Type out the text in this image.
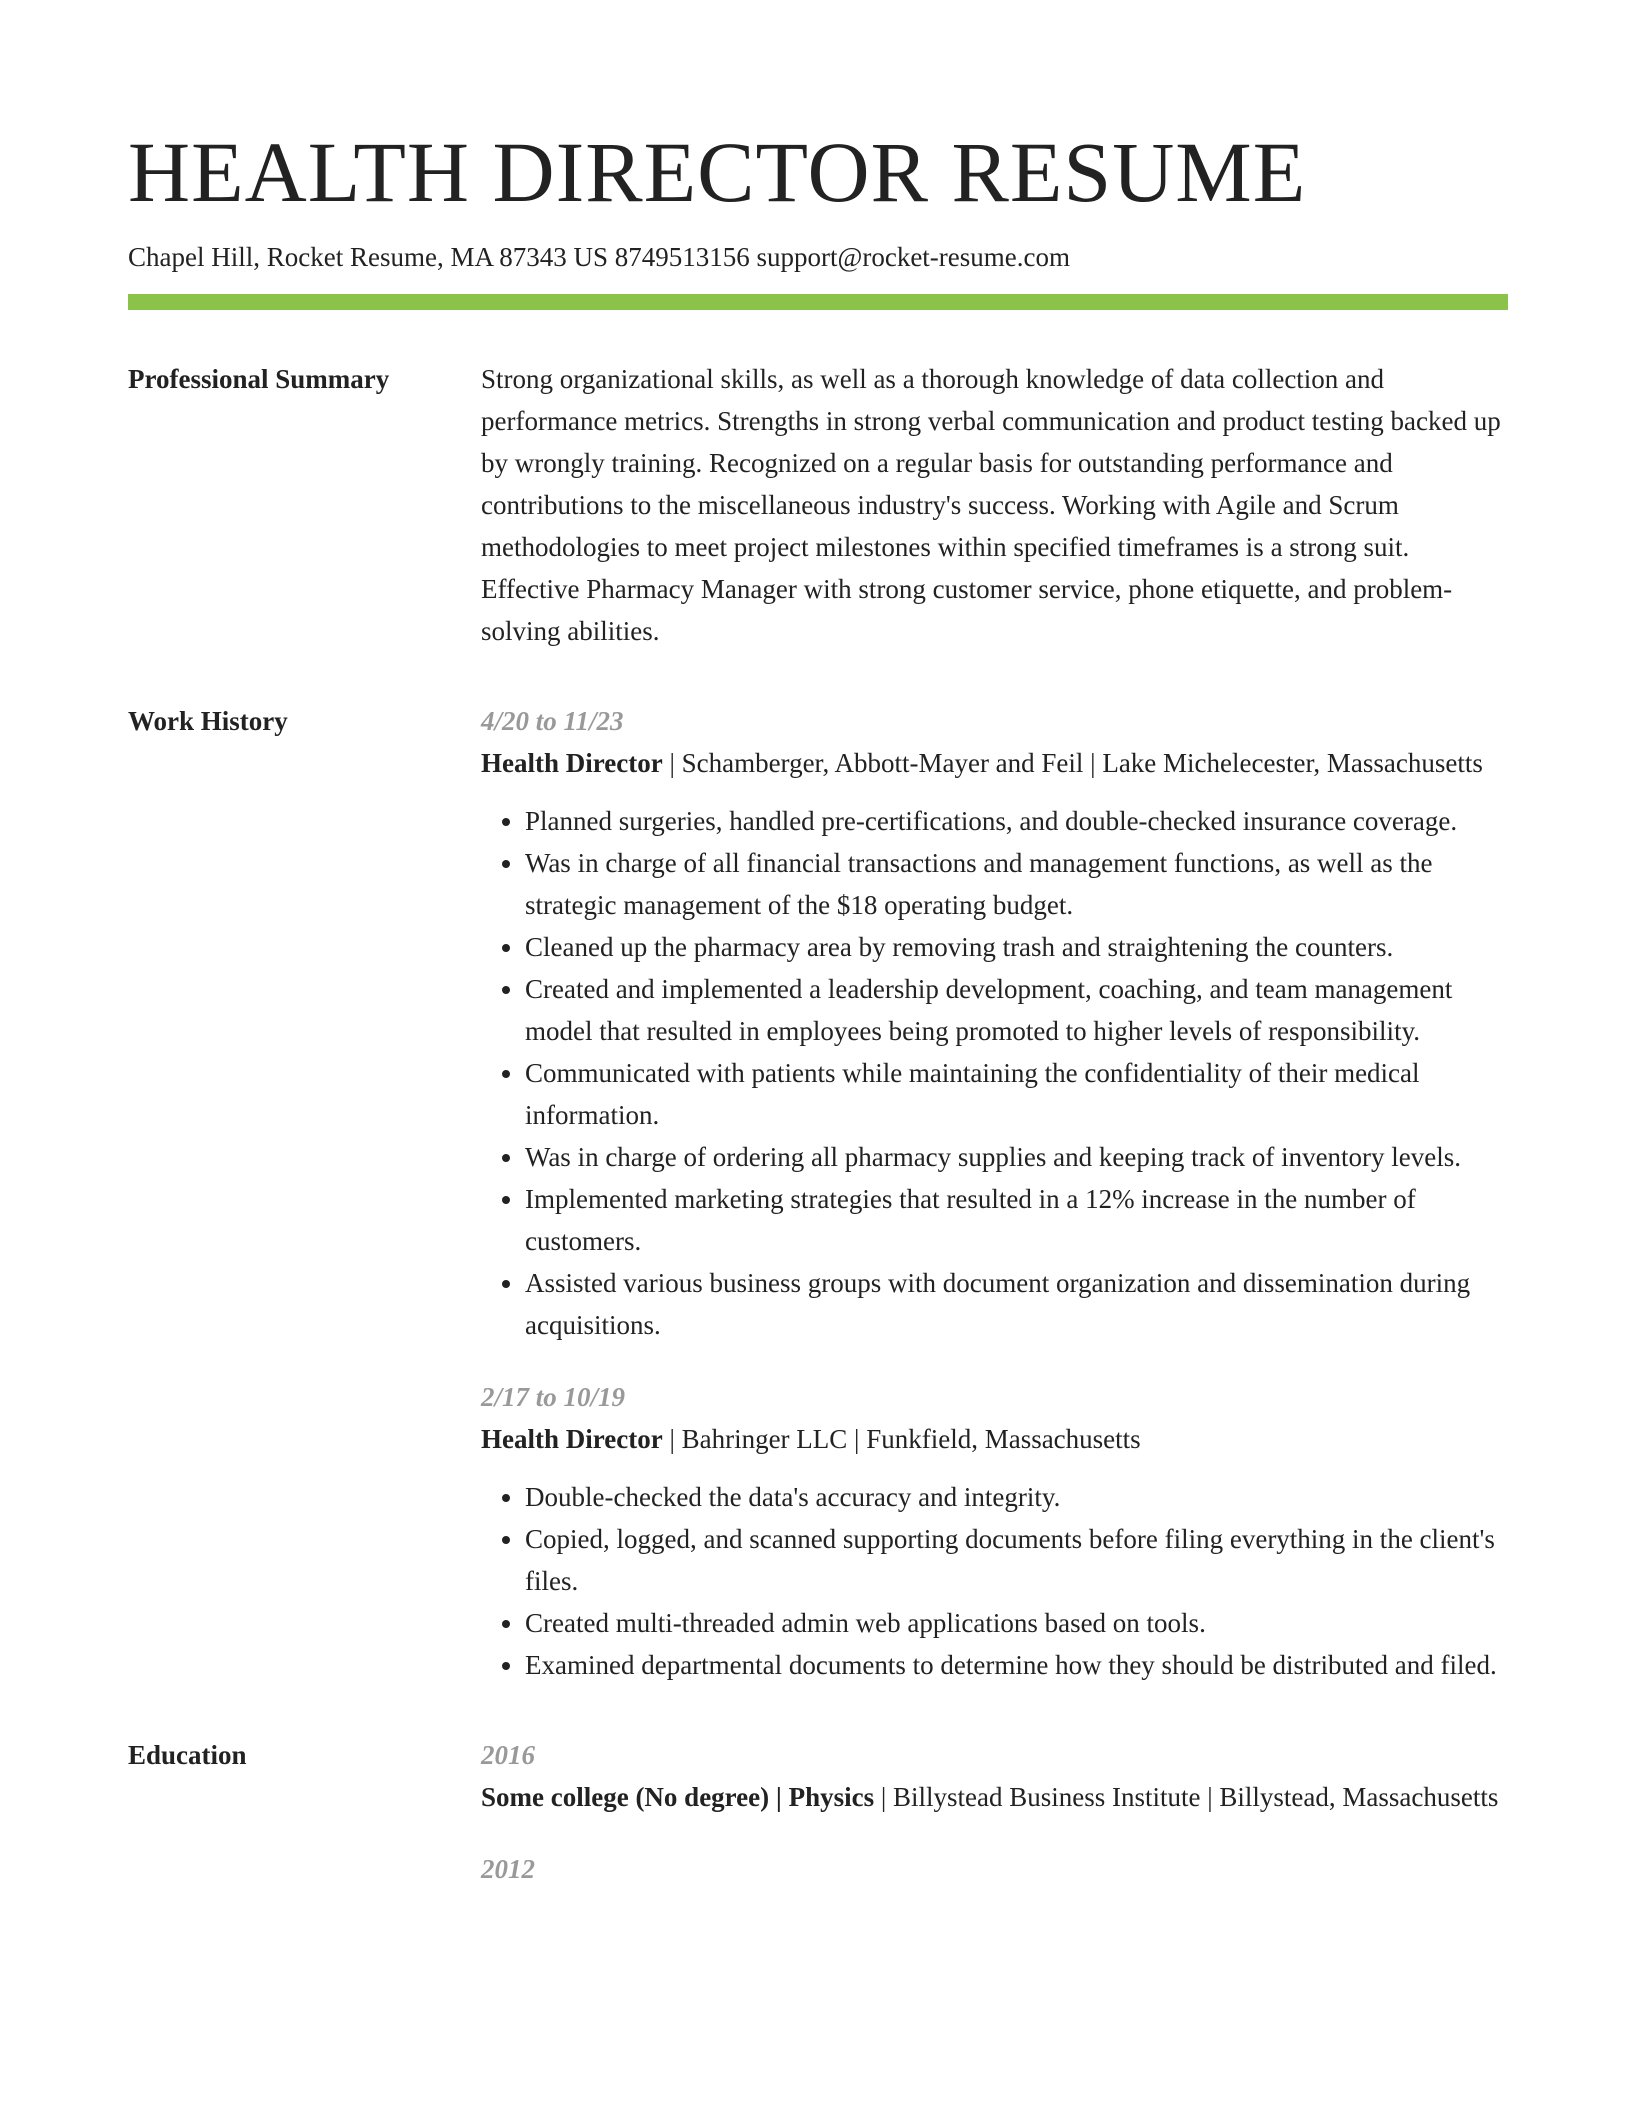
HEALTH DIRECTOR RESUME
Chapel Hill, Rocket Resume, MA 87343 US 8749513156 support@rocket-resume.com
Professional Summary	Strong organizational skills, as well as a thorough knowledge of data collection and performance metrics. Strengths in strong verbal communication and product testing backed up by wrongly training. Recognized on a regular basis for outstanding performance and contributions to the miscellaneous industry's success. Working with Agile and Scrum methodologies to meet project milestones within specified timeframes is a strong suit. Effective Pharmacy Manager with strong customer service, phone etiquette, and problem-solving abilities.

Work History	4/20 to 11/23
Health Director | Schamberger, Abbott-Mayer and Feil | Lake Michelecester, Massachusetts
• Planned surgeries, handled pre-certifications, and double-checked insurance coverage.
• Was in charge of all financial transactions and management functions, as well as the strategic management of the $18 operating budget.
• Cleaned up the pharmacy area by removing trash and straightening the counters.
• Created and implemented a leadership development, coaching, and team management model that resulted in employees being promoted to higher levels of responsibility.
• Communicated with patients while maintaining the confidentiality of their medical information.
• Was in charge of ordering all pharmacy supplies and keeping track of inventory levels.
• Implemented marketing strategies that resulted in a 12% increase in the number of customers.
• Assisted various business groups with document organization and dissemination during acquisitions.
2/17 to 10/19
Health Director | Bahringer LLC | Funkfield, Massachusetts
• Double-checked the data's accuracy and integrity.
• Copied, logged, and scanned supporting documents before filing everything in the client's files.
• Created multi-threaded admin web applications based on tools.
• Examined departmental documents to determine how they should be distributed and filed.
Education	2016
Some college (No degree) | Physics | Billystead Business Institute | Billystead, Massachusetts
2012
